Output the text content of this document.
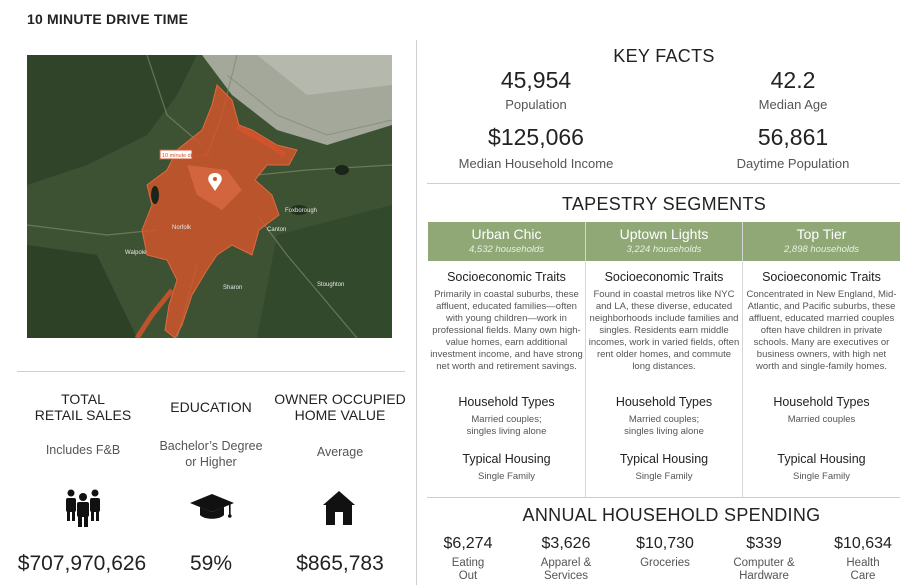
10 MINUTE DRIVE TIME
10 minute drive time
Norfolk
Walpole
Sharon
Foxborough
Canton
Stoughton
TOTAL
RETAIL SALES
Includes F&B
EDUCATION
Bachelor’s Degree
or Higher
OWNER OCCUPIED
HOME VALUE
Average
$707,970,626	59%	$865,783
KEY FACTS
45,954
Population
42.2
Median Age
$125,066
Median Household Income
56,861
Daytime Population
TAPESTRY SEGMENTS
Urban Chic
4,532 households
Uptown Lights
3,224 households
Top Tier
2,898 households
Socioeconomic Traits
Primarily in coastal suburbs, these affluent, educated families—often with young children—work in professional fields. Many own high-value homes, earn additional investment income, and have strong net worth and retirement savings.
Household Types
Married couples;
singles living alone
Typical Housing
Single Family
Socioeconomic Traits
Found in coastal metros like NYC and LA, these diverse, educated neighborhoods include families and singles. Residents earn middle incomes, work in varied fields, often rent older homes, and commute long distances.
Household Types
Married couples;
singles living alone
Typical Housing
Single Family
Socioeconomic Traits
Concentrated in New England, Mid-Atlantic, and Pacific suburbs, these affluent, educated married couples often have children in private schools. Many are executives or business owners, with high net worth and single-family homes.
Household Types
Married couples
Typical Housing
Single Family
ANNUAL HOUSEHOLD SPENDING
$6,274
Eating
Out
$3,626
Apparel &
Services
$10,730
Groceries
$339
Computer &
Hardware
$10,634
Health
Care
